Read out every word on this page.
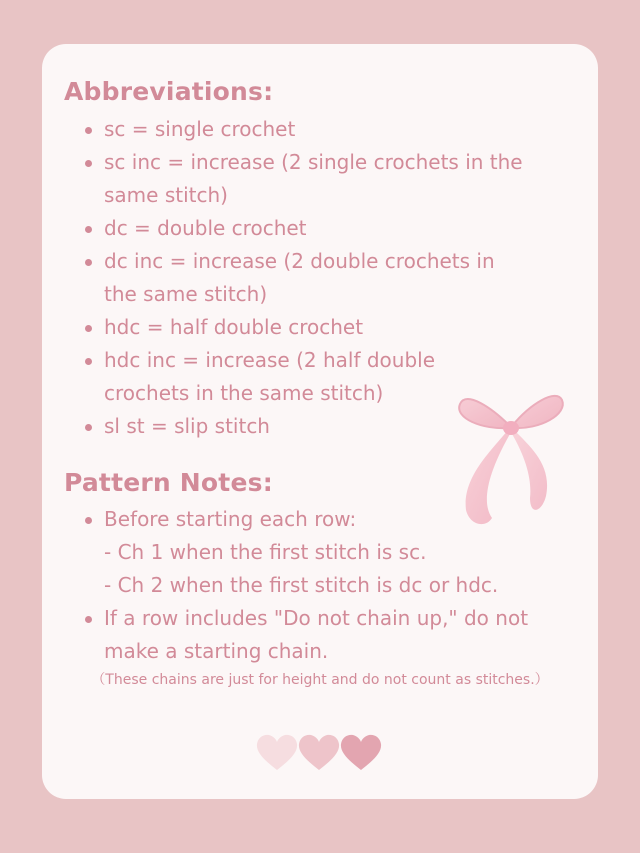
Abbreviations:
sc = single crochet
sc inc = increase (2 single crochets in the
same stitch)
dc = double crochet
dc inc = increase (2 double crochets in
the same stitch)
hdc = half double crochet
hdc inc = increase (2 half double
crochets in the same stitch)
sl st = slip stitch
Pattern Notes:
Before starting each row:
- Ch 1 when the first stitch is sc.
- Ch 2 when the first stitch is dc or hdc.
If a row includes "Do not chain up," do not
make a starting chain.
（These chains are just for height and do not count as stitches.）
